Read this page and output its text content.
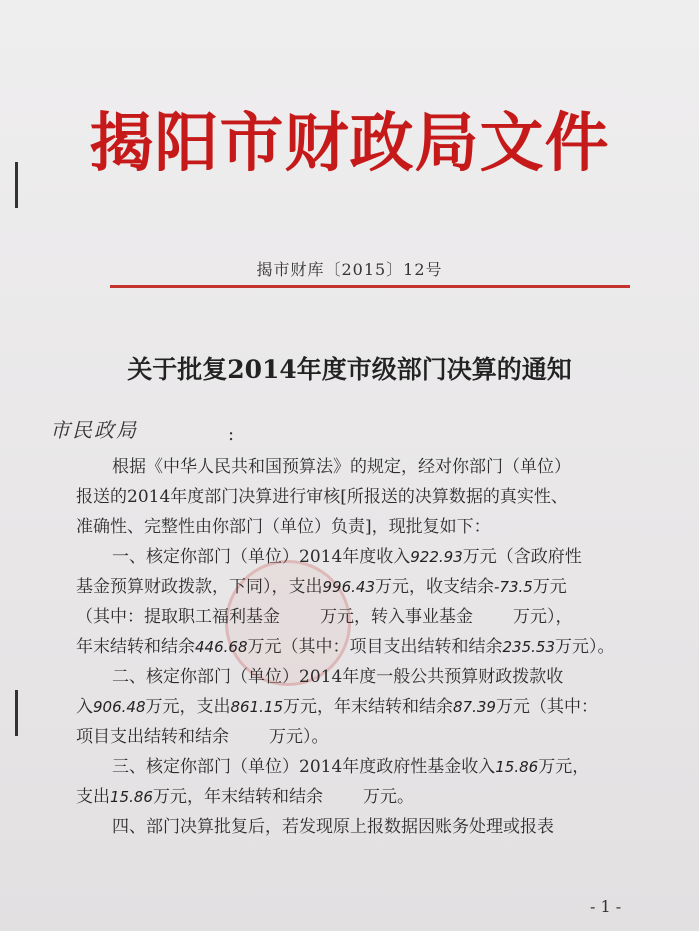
揭阳市财政局文件
揭市财库〔2015〕12号
关于批复2014年度市级部门决算的通知
市民政局	:

根据《中华人民共和国预算法》的规定，经对你部门（单位）

报送的2014年度部门决算进行审核[所报送的决算数据的真实性、

准确性、完整性由你部门（单位）负责]，现批复如下：

一、核定你部门（单位）2014年度收入922.93万元（含政府性

基金预算财政拨款，下同），支出996.43万元，收支结余-73.5万元

（其中：提取职工福利基金 万元，转入事业基金 万元），

年末结转和结余446.68万元（其中：项目支出结转和结余235.53万元）。

二、核定你部门（单位）2014年度一般公共预算财政拨款收

入906.48万元，支出861.15万元，年末结转和结余87.39万元（其中：

项目支出结转和结余 万元）。

三、核定你部门（单位）2014年度政府性基金收入15.86万元，

支出15.86万元，年末结转和结余 万元。

四、部门决算批复后，若发现原上报数据因账务处理或报表

- 1 -
